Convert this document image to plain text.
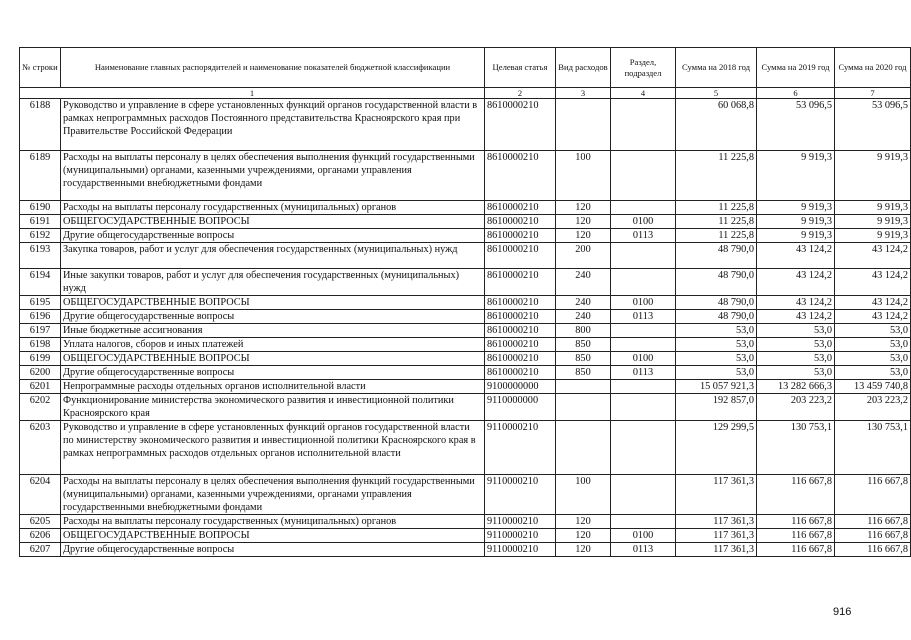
№ строки	Наименование главных распорядителей и наименование показателей бюджетной классификации	Целевая статья	Вид расходов	Раздел, подраздел	Сумма на 2018 год	Сумма на 2019 год	Сумма на 2020 год
1		2	3	4	5	6	7
6188	Руководство и управление в сфере установленных функций органов государственной власти в рамках непрограммных расходов Постоянного представительства Красноярского края при Правительстве Российской Федерации	8610000210			60 068,8	53 096,5	53 096,5
6189	Расходы на выплаты персоналу в целях обеспечения выполнения функций государственными (муниципальными) органами, казенными учреждениями, органами управления государственными внебюджетными фондами	8610000210	100		11 225,8	9 919,3	9 919,3
6190	Расходы на выплаты персоналу государственных (муниципальных) органов	8610000210	120		11 225,8	9 919,3	9 919,3
6191	ОБЩЕГОСУДАРСТВЕННЫЕ ВОПРОСЫ	8610000210	120	0100	11 225,8	9 919,3	9 919,3
6192	Другие общегосударственные вопросы	8610000210	120	0113	11 225,8	9 919,3	9 919,3
6193	Закупка товаров, работ и услуг для обеспечения государственных (муниципальных) нужд	8610000210	200		48 790,0	43 124,2	43 124,2
6194	Иные закупки товаров, работ и услуг для обеспечения государственных (муниципальных) нужд	8610000210	240		48 790,0	43 124,2	43 124,2
6195	ОБЩЕГОСУДАРСТВЕННЫЕ ВОПРОСЫ	8610000210	240	0100	48 790,0	43 124,2	43 124,2
6196	Другие общегосударственные вопросы	8610000210	240	0113	48 790,0	43 124,2	43 124,2
6197	Иные бюджетные ассигнования	8610000210	800		53,0	53,0	53,0
6198	Уплата налогов, сборов и иных платежей	8610000210	850		53,0	53,0	53,0
6199	ОБЩЕГОСУДАРСТВЕННЫЕ ВОПРОСЫ	8610000210	850	0100	53,0	53,0	53,0
6200	Другие общегосударственные вопросы	8610000210	850	0113	53,0	53,0	53,0
6201	Непрограммные расходы отдельных органов исполнительной власти	9100000000			15 057 921,3	13 282 666,3	13 459 740,8
6202	Функционирование министерства экономического развития и инвестиционной политики Красноярского края	9110000000			192 857,0	203 223,2	203 223,2
6203	Руководство и управление в сфере установленных функций органов государственной власти по министерству экономического развития и инвестиционной политики Красноярского края в рамках непрограммных расходов отдельных органов исполнительной власти	9110000210			129 299,5	130 753,1	130 753,1
6204	Расходы на выплаты персоналу в целях обеспечения выполнения функций государственными (муниципальными) органами, казенными учреждениями, органами управления государственными внебюджетными фондами	9110000210	100		117 361,3	116 667,8	116 667,8
6205	Расходы на выплаты персоналу государственных (муниципальных) органов	9110000210	120		117 361,3	116 667,8	116 667,8
6206	ОБЩЕГОСУДАРСТВЕННЫЕ ВОПРОСЫ	9110000210	120	0100	117 361,3	116 667,8	116 667,8
6207	Другие общегосударственные вопросы	9110000210	120	0113	117 361,3	116 667,8	116 667,8
916
